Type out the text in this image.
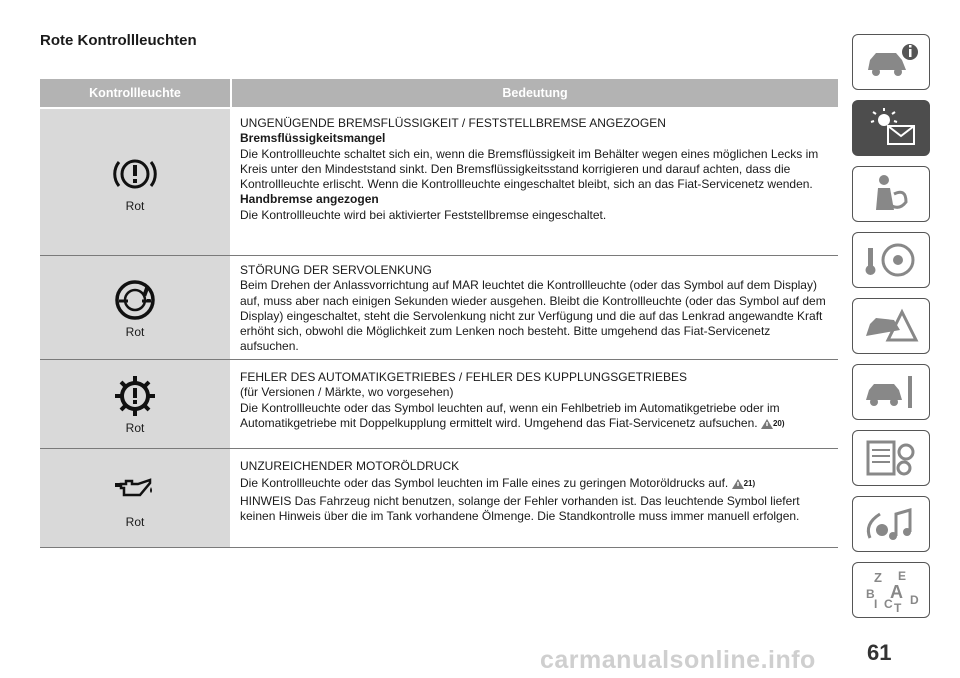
Rote Kontrollleuchten
Kontrollleuchte	Bedeutung
Rot
UNGENÜGENDE BREMSFLÜSSIGKEIT / FESTSTELLBREMSE ANGEZOGEN
Bremsflüssigkeitsmangel
Die Kontrollleuchte schaltet sich ein, wenn die Bremsflüssigkeit im Behälter wegen eines möglichen Lecks im Kreis unter den Mindeststand sinkt. Den Bremsflüssigkeitsstand korrigieren und darauf achten, dass die Kontrollleuchte erlischt. Wenn die Kontrollleuchte eingeschaltet bleibt, sich an das Fiat-Servicenetz wenden.
Handbremse angezogen
Die Kontrollleuchte wird bei aktivierter Feststellbremse eingeschaltet.
Rot
STÖRUNG DER SERVOLENKUNG
Beim Drehen der Anlassvorrichtung auf MAR leuchtet die Kontrollleuchte (oder das Symbol auf dem Display) auf, muss aber nach einigen Sekunden wieder ausgehen. Bleibt die Kontrollleuchte (oder das Symbol auf dem Display) eingeschaltet, steht die Servolenkung nicht zur Verfügung und die auf das Lenkrad angewandte Kraft erhöht sich, obwohl die Möglichkeit zum Lenken noch besteht. Bitte umgehend das Fiat-Servicenetz aufsuchen.
Rot
FEHLER DES AUTOMATIKGETRIEBES / FEHLER DES KUPPLUNGSGETRIEBES
(für Versionen / Märkte, wo vorgesehen)
Die Kontrollleuchte oder das Symbol leuchten auf, wenn ein Fehlbetrieb im Automatikgetriebe oder im Automatikgetriebe mit Doppelkupplung ermittelt wird. Umgehend das Fiat-Servicenetz aufsuchen. 20)
Rot
UNZUREICHENDER MOTORÖLDRUCK
Die Kontrollleuchte oder das Symbol leuchten im Falle eines zu geringen Motoröldrucks auf. 21)
HINWEIS Das Fahrzeug nicht benutzen, solange der Fehler vorhanden ist. Das leuchtende Symbol liefert keinen Hinweis über die im Tank vorhandene Ölmenge. Die Standkontrolle muss immer manuell erfolgen.
Z E
B A
I C D
T
carmanualsonline.info 61
